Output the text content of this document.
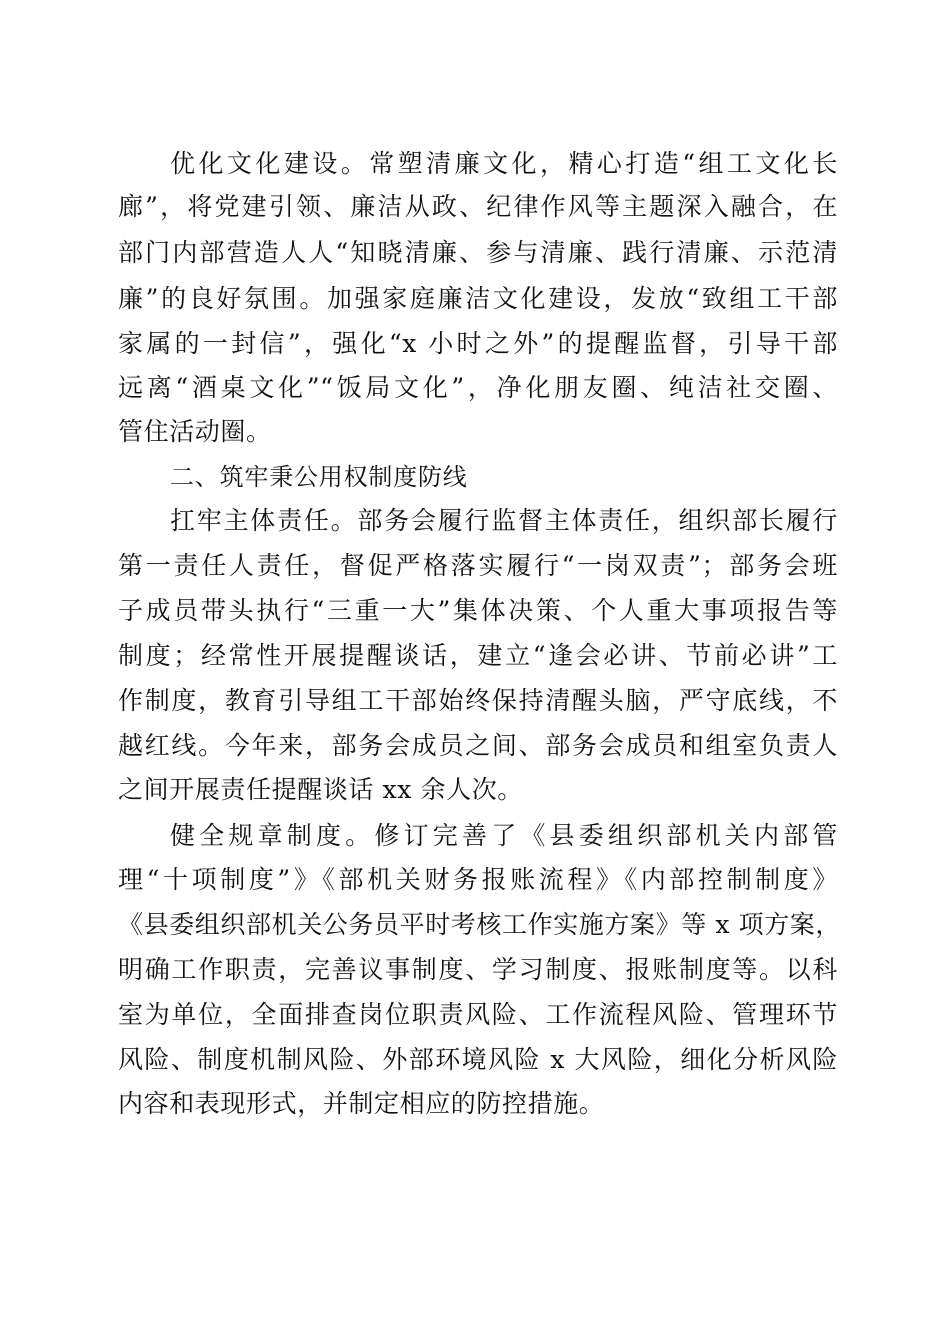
优化文化建设。常塑清廉文化，精心打造“组工文化长
廊”，将党建引领、廉洁从政、纪律作风等主题深入融合，在
部门内部营造人人“知晓清廉、参与清廉、践行清廉、示范清
廉”的良好氛围。加强家庭廉洁文化建设，发放“致组工干部
家属的一封信”，强化“x 小时之外”的提醒监督，引导干部
远离“酒桌文化”“饭局文化”，净化朋友圈、纯洁社交圈、
管住活动圈。
二、筑牢秉公用权制度防线
扛牢主体责任。部务会履行监督主体责任，组织部长履行
第一责任人责任，督促严格落实履行“一岗双责”；部务会班
子成员带头执行“三重一大”集体决策、个人重大事项报告等
制度；经常性开展提醒谈话，建立“逢会必讲、节前必讲”工
作制度，教育引导组工干部始终保持清醒头脑，严守底线，不
越红线。今年来，部务会成员之间、部务会成员和组室负责人
之间开展责任提醒谈话 xx 余人次。
健全规章制度。修订完善了《县委组织部机关内部管
理“十项制度”》《部机关财务报账流程》《内部控制制度》
《县委组织部机关公务员平时考核工作实施方案》等 x 项方案，
明确工作职责，完善议事制度、学习制度、报账制度等。以科
室为单位，全面排查岗位职责风险、工作流程风险、管理环节
风险、制度机制风险、外部环境风险 x 大风险，细化分析风险
内容和表现形式，并制定相应的防控措施。
